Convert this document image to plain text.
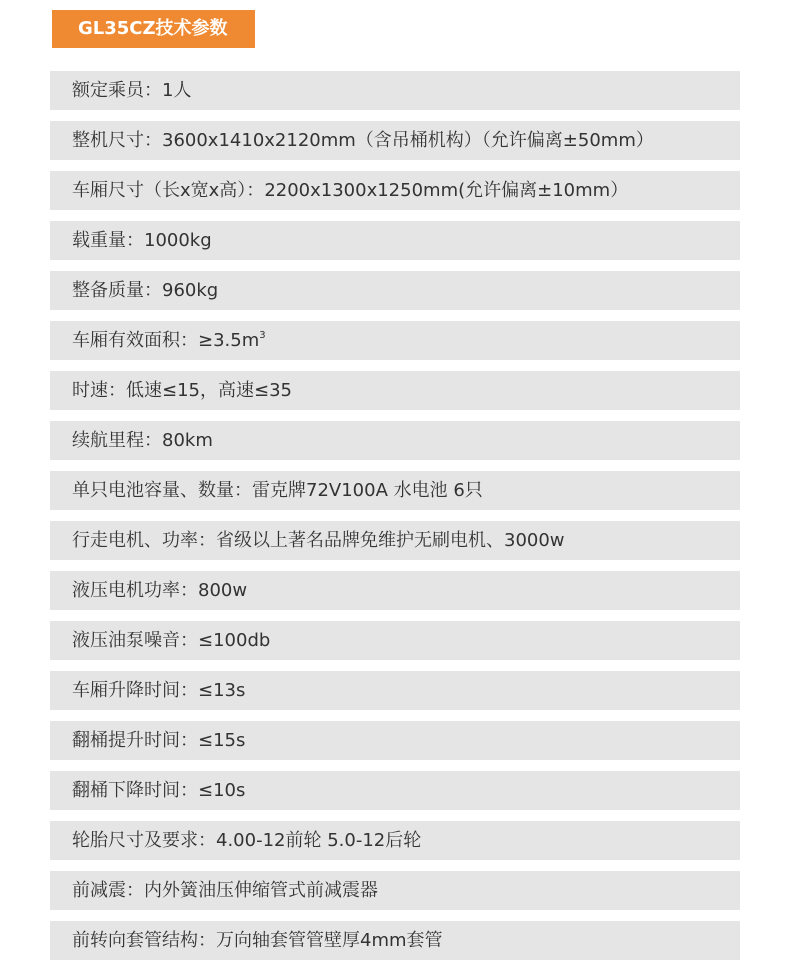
GL35CZ技术参数
额定乘员：1人
整机尺寸：3600x1410x2120mm（含吊桶机构）（允许偏离±50mm）
车厢尺寸（长x宽x高）：2200x1300x1250mm(允许偏离±10mm）
载重量：1000kg
整备质量：960kg
车厢有效面积：$\ge 3.5m^3$
时速：低速≤15，高速≤35
续航里程：80km
单只电池容量、数量：雷克牌72V100A 水电池 6只
行走电机、功率：省级以上著名品牌免维护无刷电机、3000w
液压电机功率：800w
液压油泵噪音：≤100db
车厢升降时间：≤13s
翻桶提升时间：≤15s
翻桶下降时间：≤10s
轮胎尺寸及要求：4.00-12前轮 5.0-12后轮
前减震：内外簧油压伸缩管式前减震器
前转向套管结构：万向轴套管管壁厚4mm套管
